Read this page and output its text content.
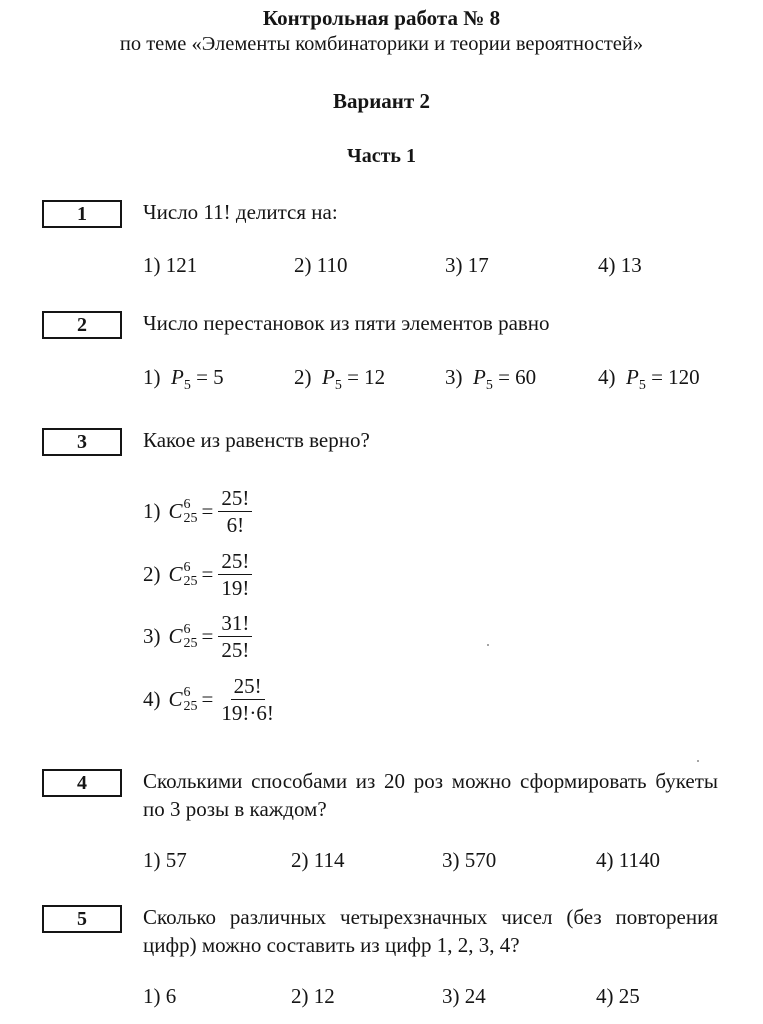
Контрольная работа № 8
по теме «Элементы комбинаторики и теории вероятностей»
Вариант 2
Часть 1
1	Число 11! делится на:
1) 121	2) 110	3) 17	4) 13
2	Число перестановок из пяти элементов равно
1) $P_5 = 5$	2) $P_5 = 12$	3) $P_5 = 60$	4) $P_5 = 120$
3	Какое из равенств верно?
1) C 6
$25 = \frac{25!}{6!}$
2) C 6
$25 = \frac{25!}{19!}$
3) C 6
$25 = \frac{31!}{25!}$
4) C 6
$25 = \frac{25!}{19!\cdot 6!}$
4	Сколькими способами из 20 роз можно сформировать букеты по 3 розы в каждом?
1) 57	2) 114	3) 570	4) 1140
5	Сколько различных четырехзначных чисел (без повторения цифр) можно составить из цифр 1, 2, 3, 4?
1) 6	2) 12	3) 24	4) 25
